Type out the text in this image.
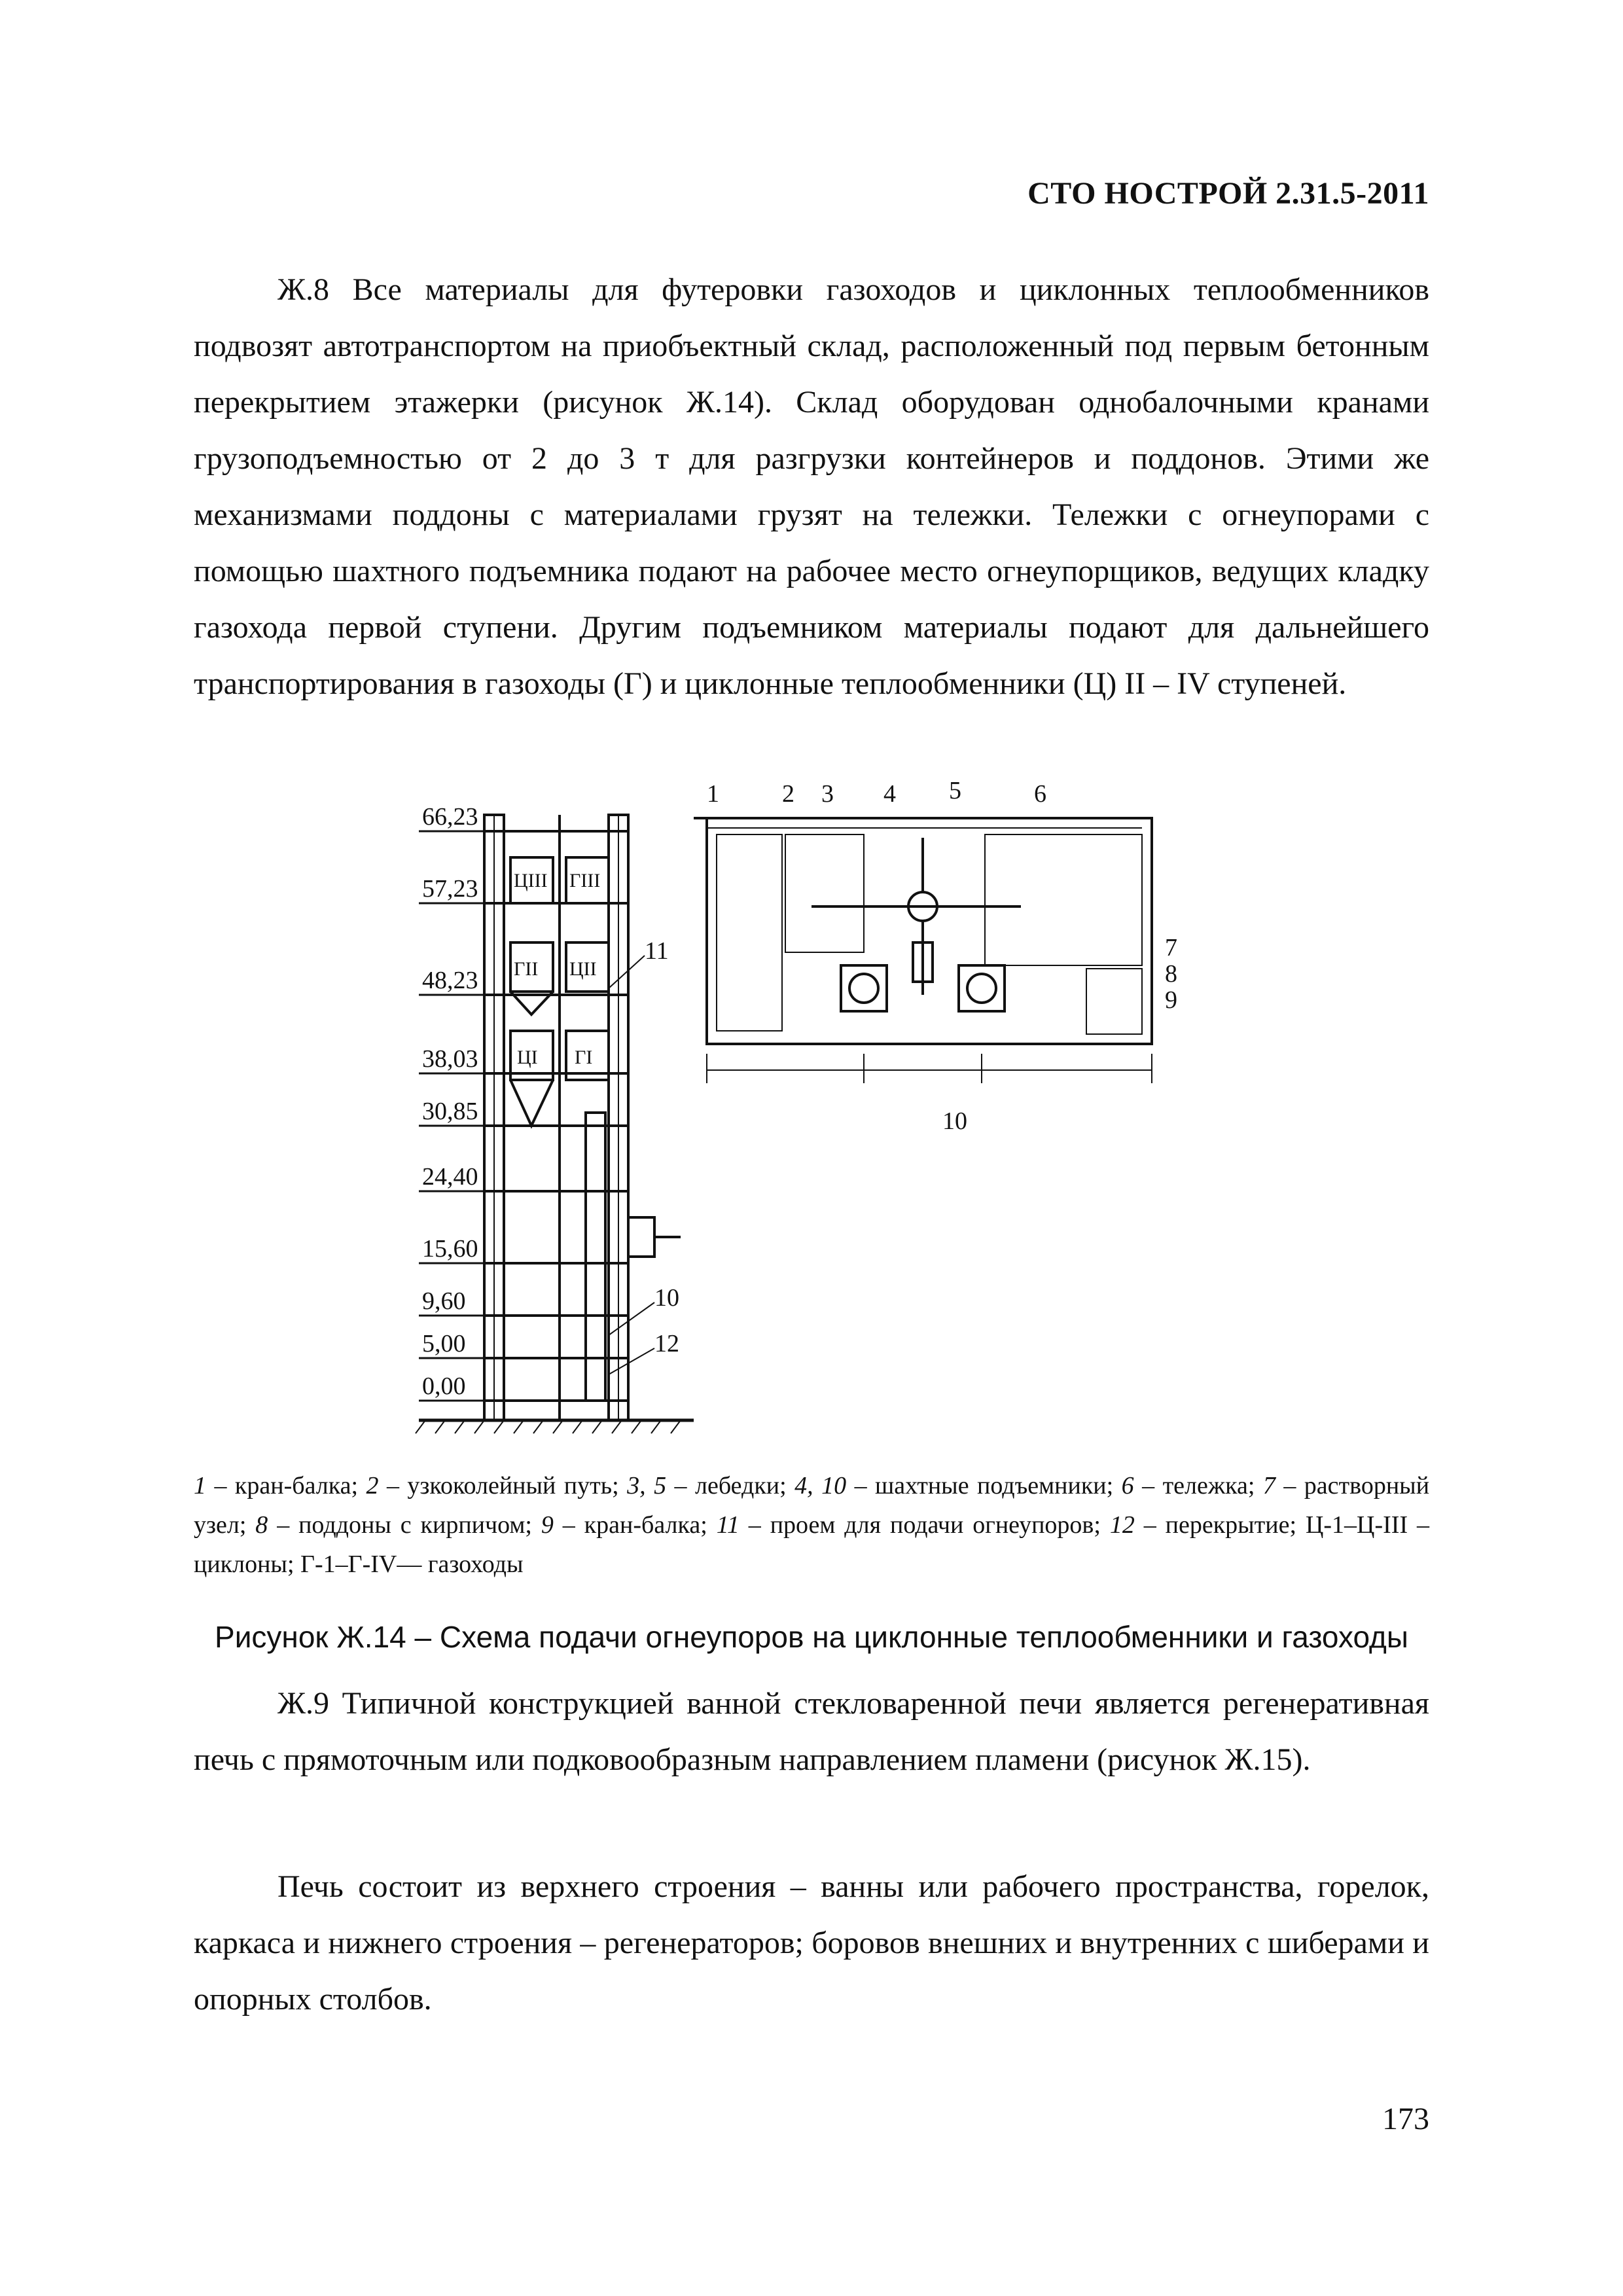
СТО НОСТРОЙ 2.31.5-2011
Ж.8 Все материалы для футеровки газоходов и циклонных теплообменников подвозят автотранспортом на приобъектный склад, расположенный под первым бетонным перекрытием этажерки (рисунок Ж.14). Склад оборудован однобалочными кранами грузоподъемностью от 2 до 3 т для разгрузки контейнеров и поддонов. Этими же механизмами поддоны с материалами грузят на тележки. Тележки с огнеупорами с помощью шахтного подъемника подают на рабочее место огнеупорщиков, ведущих кладку газохода первой ступени. Другим подъемником материалы подают для дальнейшего транспортирования в газоходы (Г) и циклонные теплообменники (Ц) II – IV ступеней.
66,23
57,23
48,23
38,03
30,85
24,40
15,60
9,60
5,00
0,00
ЦIII ГIII
ГII ЦII
ЦI ГI
11
10
12
1	2 3 4 5	6
7
8
9
10
1 – кран-балка; 2 – узкоколейный путь; 3, 5 – лебедки; 4, 10 – шахтные подъемники; 6 – тележка; 7 – растворный узел; 8 – поддоны с кирпичом; 9 – кран-балка; 11 – проем для подачи огнеупоров; 12 – перекрытие; Ц-1–Ц-III – циклоны; Г-1–Г-IV— газоходы
Рисунок Ж.14 – Схема подачи огнеупоров на циклонные теплообменники и газоходы
Ж.9 Типичной конструкцией ванной стекловаренной печи является регенеративная печь с прямоточным или подковообразным направлением пламени (рисунок Ж.15).
Печь состоит из верхнего строения – ванны или рабочего пространства, горелок, каркаса и нижнего строения – регенераторов; боровов внешних и внутренних с шиберами и опорных столбов.
173
